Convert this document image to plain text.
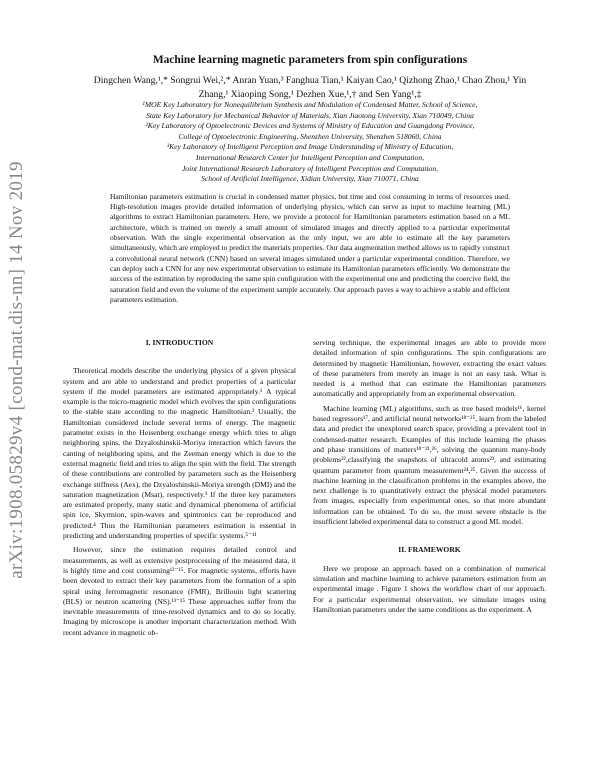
arXiv:1908.05829v4 [cond-mat.dis-nn] 14 Nov 2019
Machine learning magnetic parameters from spin configurations
Dingchen Wang,¹,* Songrui Wei,²,* Anran Yuan,³ Fanghua Tian,¹ Kaiyan Cao,¹ Qizhong Zhao,¹ Chao Zhou,¹ Yin Zhang,¹ Xiaoping Song,¹ Dezhen Xue,¹,† and Sen Yang¹,‡
¹MOE Key Laboratory for Nonequilibrium Synthesis and Modulation of Condensed Matter, School of Science,
State Key Laboratory for Mechanical Behavior of Materials, Xian Jiaotong University, Xian 710049, China
²Key Laboratory of Optoelectronic Devices and Systems of Ministry of Education and Guangdong Province,
College of Optoelectronic Engineering, Shenzhen University, Shenzhen 518060, China
³Key Laboratory of Intelligent Perception and Image Understanding of Ministry of Education,
International Research Center for Intelligent Perception and Computation,
Joint International Research Laboratory of Intelligent Perception and Computation,
School of Artificial Intelligence, Xidian University, Xian 710071, China

Hamiltonian parameters estimation is crucial in condensed matter physics, but time and cost consuming in terms of resources used. High-resolution images provide detailed information of underlying physics, which can serve as input to machine learning (ML) algorithms to extract Hamiltonian parameters. Here, we provide a protocol for Hamiltonian parameters estimation based on a ML architecture, which is trained on merely a small amount of simulated images and directly applied to a particular experimental observation. With the single experimental observation as the only input, we are able to estimate all the key parameters simultaneously, which are employed to predict the materials properties. Our data augmentation method allows us to rapidly construct a convolutional neural network (CNN) based on several images simulated under a particular experimental condition. Therefore, we can deploy such a CNN for any new experimental observation to estimate its Hamiltonian parameters efficiently. We demonstrate the success of the estimation by reproducing the same spin configuration with the experimental one and predicting the coercive field, the saturation field and even the volume of the experiment sample accurately. Our approach paves a way to achieve a stable and efficient parameters estimation.

I. INTRODUCTION

Theoretical models describe the underlying physics of a given physical system and are able to understand and predict properties of a particular system if the model parameters are estimated appropriately.¹ A typical example is the micro-magnetic model which evolves the spin configurations to the stable state according to the magnetic Hamiltonian.² Usually, the Hamiltonian considered include several terms of energy. The magnetic parameter exists in the Heisenberg exchange energy which tries to align neighboring spins, the Dzyaloshinskii-Moriya interaction which favors the canting of neighboring spins, and the Zeeman energy which is due to the external magnetic field and tries to align the spin with the field. The strength of these contributions are controlled by parameters such as the Heisenberg exchange stiffness (Aex), the Dzyaloshinskii-Moriya strength (DMI) and the saturation magnetization (Msat), respectively.³ If the three key parameters are estimated properly, many static and dynamical phenomena of artificial spin ice, Skyrmion, spin-waves and spintronics can be reproduced and predicted.⁴ Thus the Hamiltonian parameters estimation is essential in predicting and understanding properties of specific systems.⁵⁻¹¹

However, since the estimation requires detailed control and measurements, as well as extensive postprocessing of the measured data, it is highly time and cost consuming¹²⁻¹⁵. For magnetic systems, efforts have been devoted to extract their key parameters from the formation of a spin spiral using ferromagnetic resonance (FMR), Brillouin light scattering (BLS) or neutron scattering (NS).¹³⁻¹⁵ These approaches suffer from the inevitable measurements of time-resolved dynamics and to do so locally. Imaging by microscope is another important characterization method. With recent advance in magnetic ob-

serving technique, the experimental images are able to provide more detailed information of spin configurations. The spin configurations are determined by magnetic Hamiltonian, however, extracting the exact values of these parameters from merely an image is not an easy task. What is needed is a method that can estimate the Hamiltonian parameters automatically and appropriately from an experimental observation.

Machine learning (ML) algorithms, such as tree based models¹⁶, kernel based regressors¹⁷, and artificial neural networks¹⁸⁻²⁵, learn from the labeled data and predict the unexplored search space, providing a prevalent tool in condensed-matter research. Examples of this include learning the phases and phase transitions of matters¹⁸⁻²¹,²⁶, solving the quantum many-body problems²²,classifying the snapshots of ultracold atoms²³, and estimating quantum parameter from quantum measurement²⁴,²⁵. Given the success of machine learning in the classification problems in the examples above, the next challenge is to quantitatively extract the physical model parameters from images, especially from experimental ones, so that more abundant information can be obtained. To do so, the most severe obstacle is the insufficient labeled experimental data to construct a good ML model.

II. FRAMEWORK

Here we propose an approach based on a combination of numerical simulation and machine learning to achieve parameters estimation from an experimental image . Figure 1 shows the workflow chart of our approach. For a particular experimental observation, we simulate images using Hamiltonian parameters under the same conditions as the experiment. A
